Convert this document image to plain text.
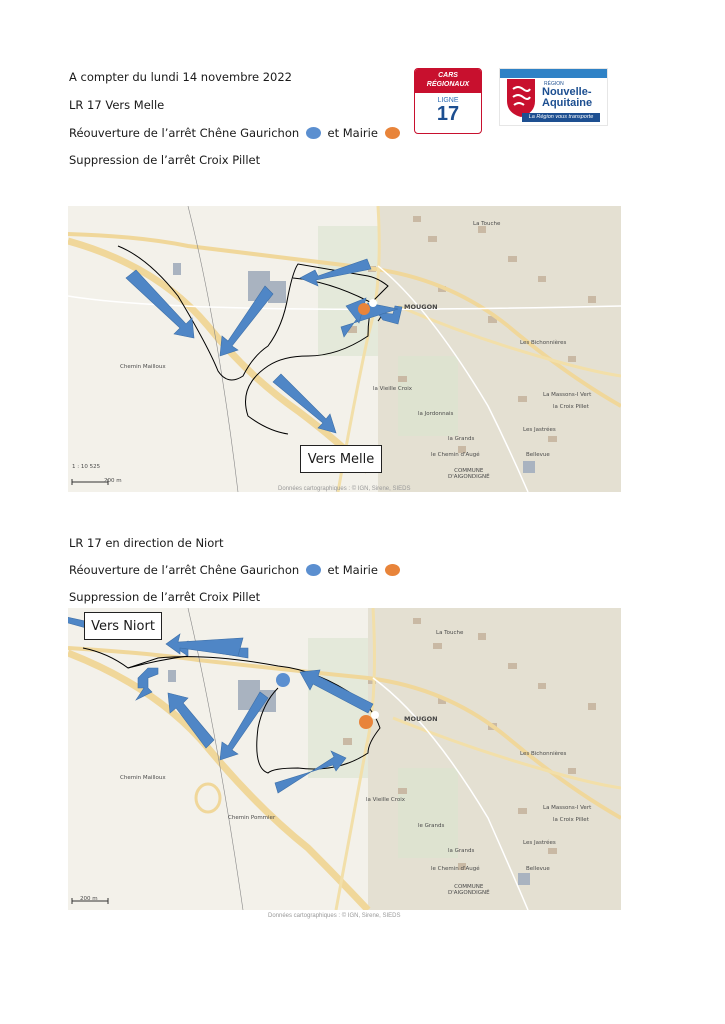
A compter du lundi 14 novembre 2022
LR 17 Vers Melle
Réouverture de l’arrêt Chêne Gaurichon et Mairie
Suppression de l’arrêt Croix Pillet
CARS
RÉGIONAUX
LIGNE
17
RÉGION
Nouvelle-
Aquitaine
La Région vous transporte
La Touche
Chemin Mailloux
la Vieille Croix
la Croix Pillet
Les Jastrées
Bellevue
le Chemin d'Augé
La Massons-I Vert
Les Bichonnières
la Jordonnais
la Grands
MOUGON
COMMUNE
D'AIGONDIGNÉ
1 : 10 525
200 m
Données cartographiques : © IGN, Sirene, SIEDS
Vers Melle
LR 17 en direction de Niort
Réouverture de l’arrêt Chêne Gaurichon et Mairie
Suppression de l’arrêt Croix Pillet
La Touche
Chemin Mailloux
Chemin Pommier
la Vieille Croix
la Croix Pillet
Les Jastrées
Bellevue
le Chemin d'Augé
Les Bichonnières
La Massons-I Vert
le Grands
la Grands
MOUGON
COMMUNE
D'AIGONDIGNÉ
200 m
Vers Niort
Données cartographiques : © IGN, Sirene, SIEDS
